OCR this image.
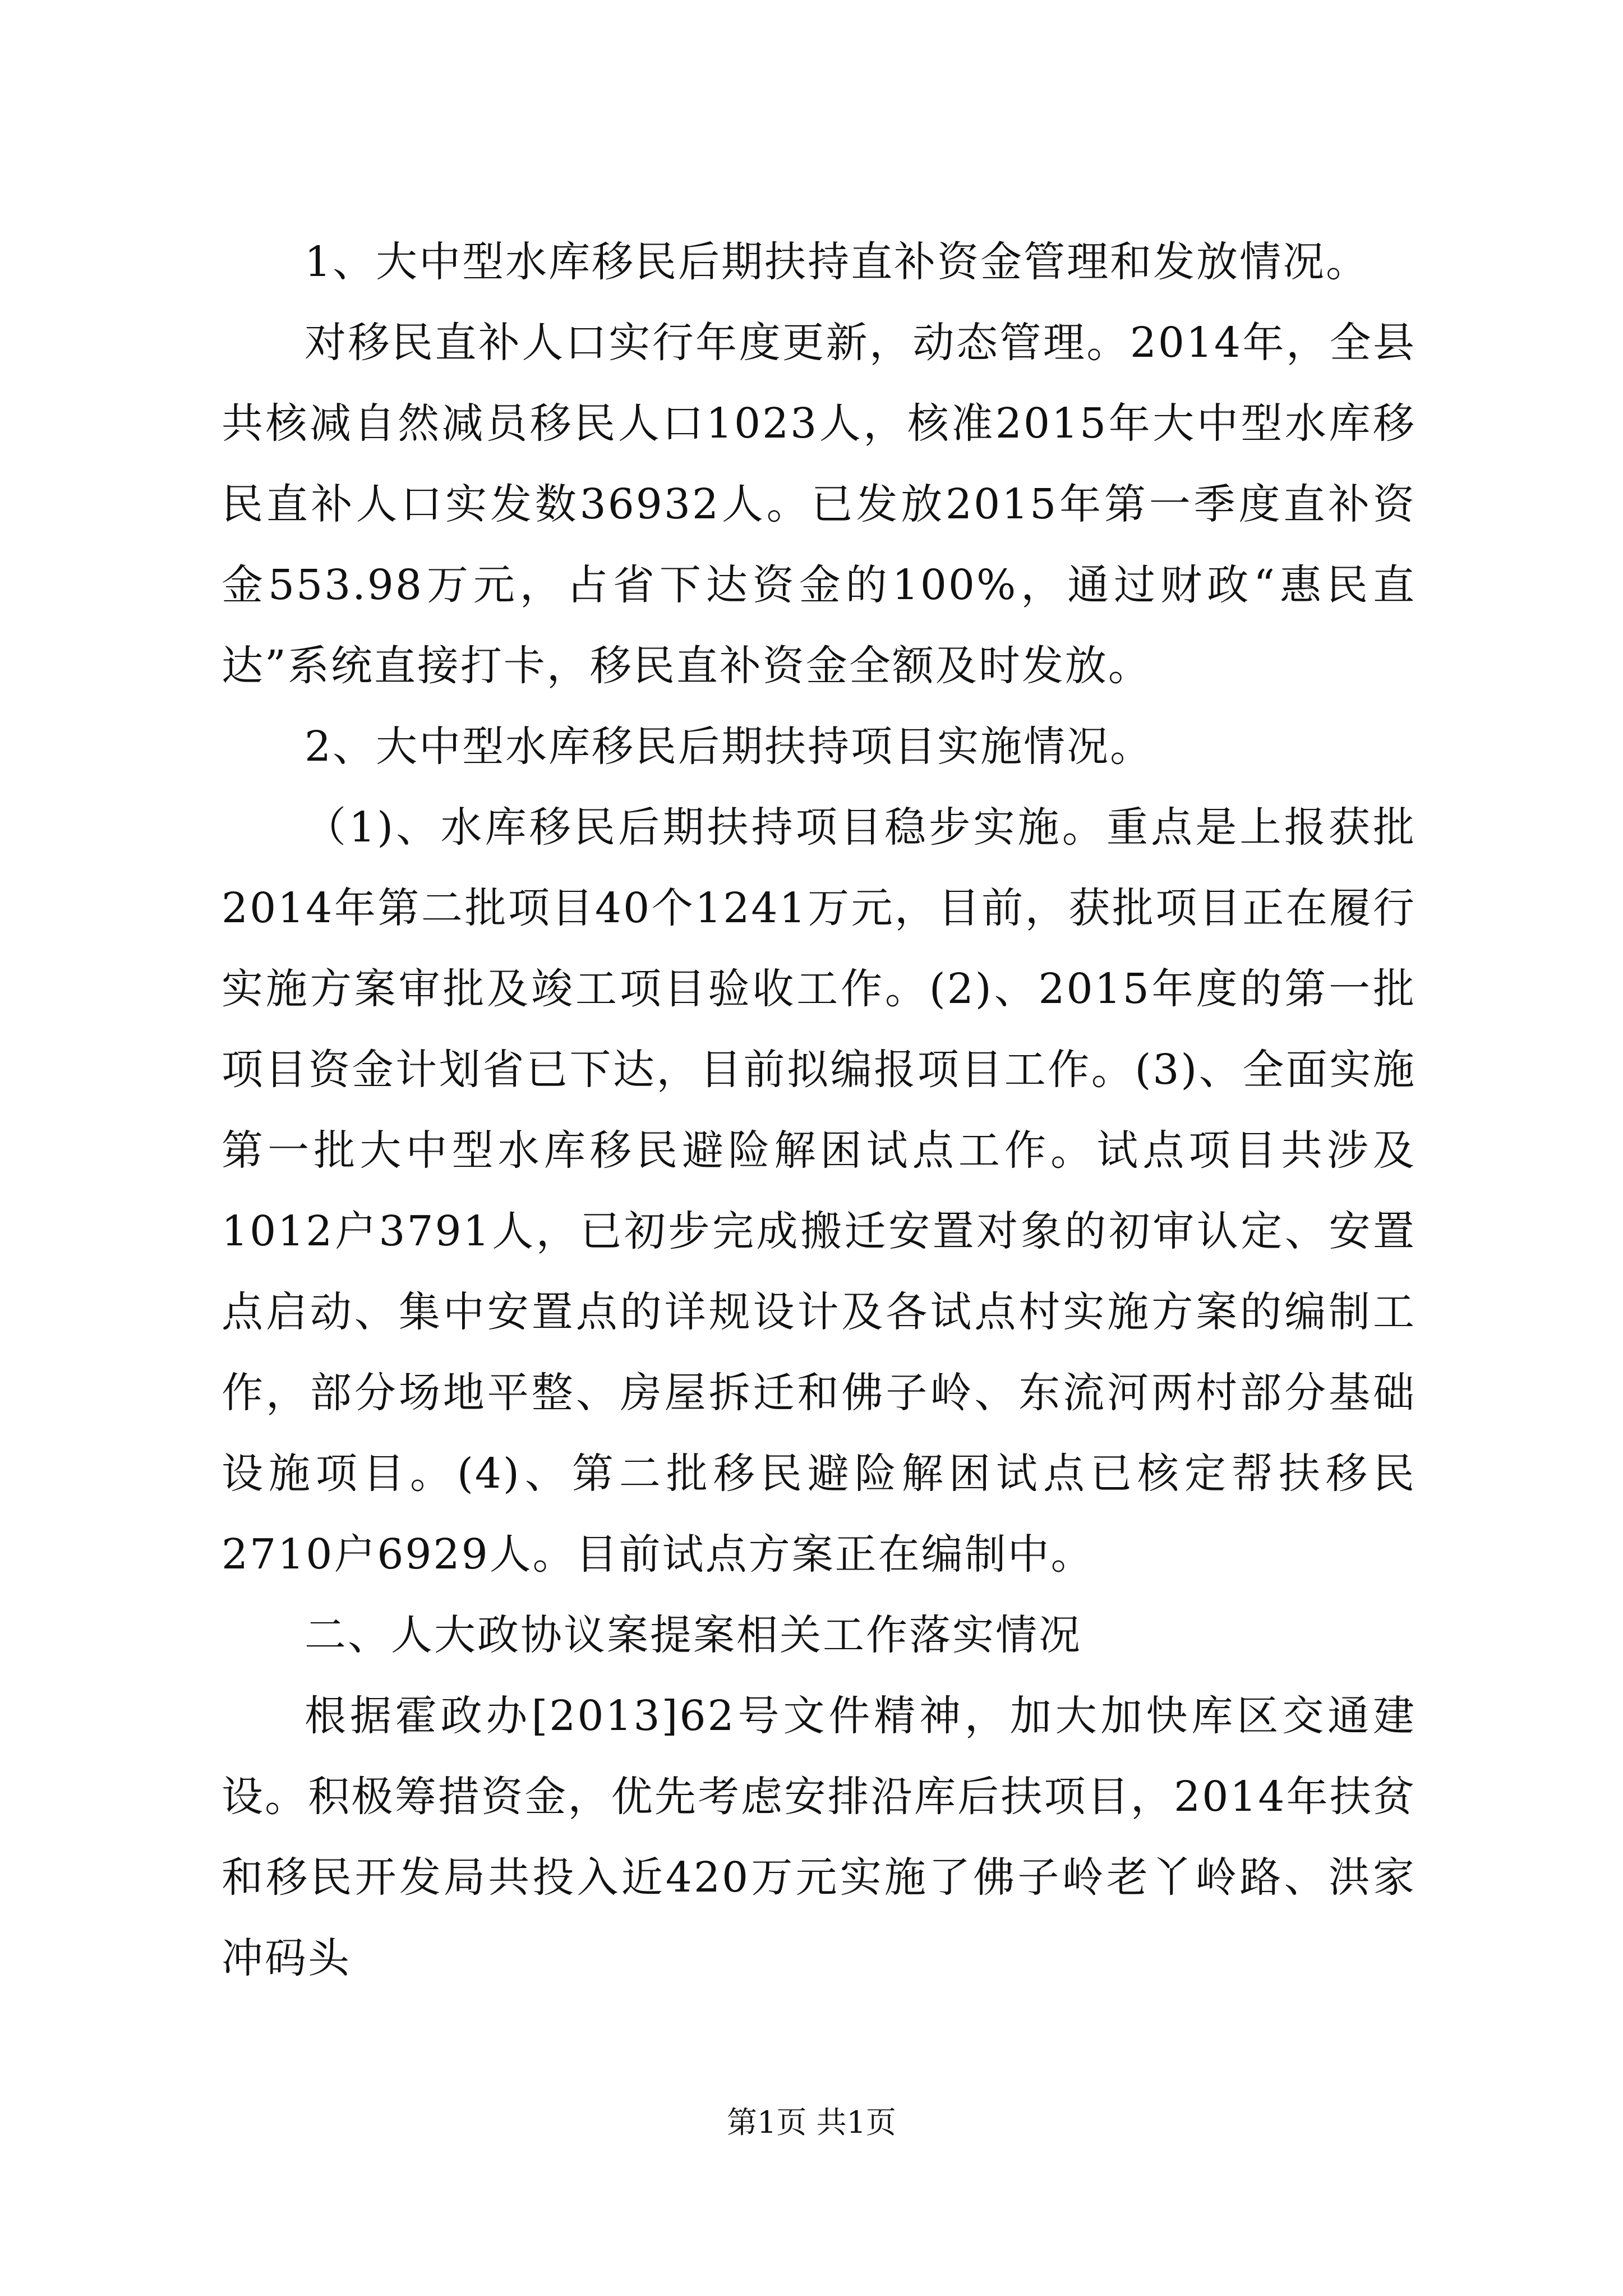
1、大中型水库移民后期扶持直补资金管理和发放情况。

对移民直补人口实行年度更新，动态管理。2014年，全县共核减自然减员移民人口1023人，核准2015年大中型水库移民直补人口实发数36932人。已发放2015年第一季度直补资金553.98万元，占省下达资金的100%，通过财政“惠民直达”系统直接打卡，移民直补资金全额及时发放。

2、大中型水库移民后期扶持项目实施情况。

（1)、水库移民后期扶持项目稳步实施。重点是上报获批2014年第二批项目40个1241万元，目前，获批项目正在履行实施方案审批及竣工项目验收工作。(2)、2015年度的第一批项目资金计划省已下达，目前拟编报项目工作。(3)、全面实施第一批大中型水库移民避险解困试点工作。试点项目共涉及1012户3791人，已初步完成搬迁安置对象的初审认定、安置点启动、集中安置点的详规设计及各试点村实施方案的编制工作，部分场地平整、房屋拆迁和佛子岭、东流河两村部分基础设施项目。(4)、第二批移民避险解困试点已核定帮扶移民2710户6929人。目前试点方案正在编制中。

二、人大政协议案提案相关工作落实情况

根据霍政办[2013]62号文件精神，加大加快库区交通建设。积极筹措资金，优先考虑安排沿库后扶项目，2014年扶贫和移民开发局共投入近420万元实施了佛子岭老丫岭路、洪家冲码头

第1页 共1页
